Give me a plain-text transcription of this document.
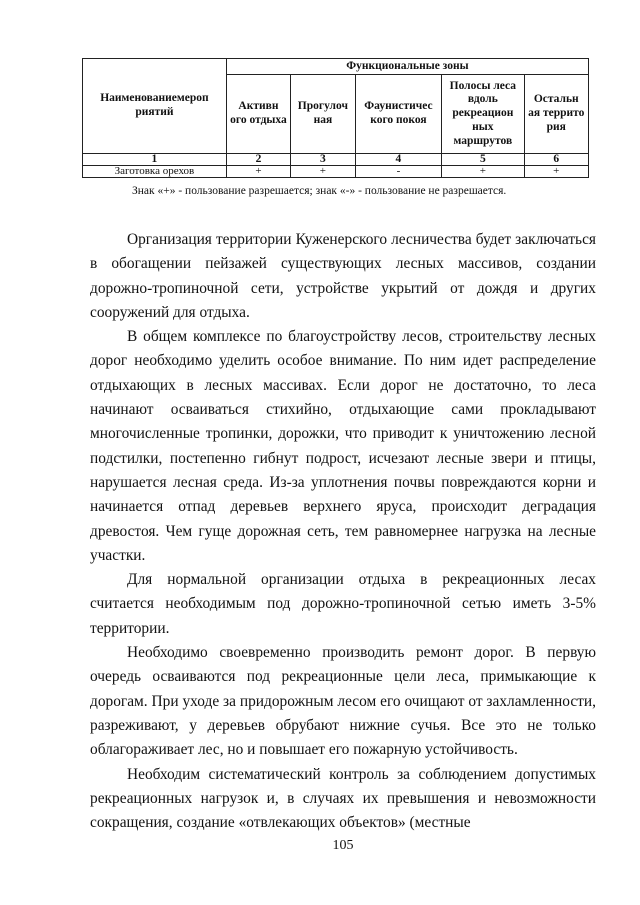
Наименованиемероп риятий	Функциональные зоны				
	Активн ого отдыха	Прогулоч ная	Фаунистичес кого покоя	Полосы леса вдоль рекреацион ных маршрутов	Остальн ая террито рия
1	2	3	4	5	6
Заготовка орехов	+	+	-	+	+
Знак «+» - пользование разрешается; знак «-» - пользование не разрешается.

Организация территории Куженерского лесничества будет заключаться в обогащении пейзажей существующих лесных массивов, создании дорожно-тропиночной сети, устройстве укрытий от дождя и других сооружений для отдыха.

В общем комплексе по благоустройству лесов, строительству лесных дорог необходимо уделить особое внимание. По ним идет распределение отдыхающих в лесных массивах. Если дорог не достаточно, то леса начинают осваиваться стихийно, отдыхающие сами прокладывают многочисленные тропинки, дорожки, что приводит к уничтожению лесной подстилки, постепенно гибнут подрост, исчезают лесные звери и птицы, нарушается лесная среда. Из-за уплотнения почвы повреждаются корни и начинается отпад деревьев верхнего яруса, происходит деградация древостоя. Чем гуще дорожная сеть, тем равномернее нагрузка на лесные участки.

Для нормальной организации отдыха в рекреационных лесах считается необходимым под дорожно-тропиночной сетью иметь 3-5% территории.

Необходимо своевременно производить ремонт дорог. В первую очередь осваиваются под рекреационные цели леса, примыкающие к дорогам. При уходе за придорожным лесом его очищают от захламленности, разреживают, у деревьев обрубают нижние сучья. Все это не только облагораживает лес, но и повышает его пожарную устойчивость.

Необходим систематический контроль за соблюдением допустимых рекреационных нагрузок и, в случаях их превышения и невозможности сокращения, создание «отвлекающих объектов» (местные

105
